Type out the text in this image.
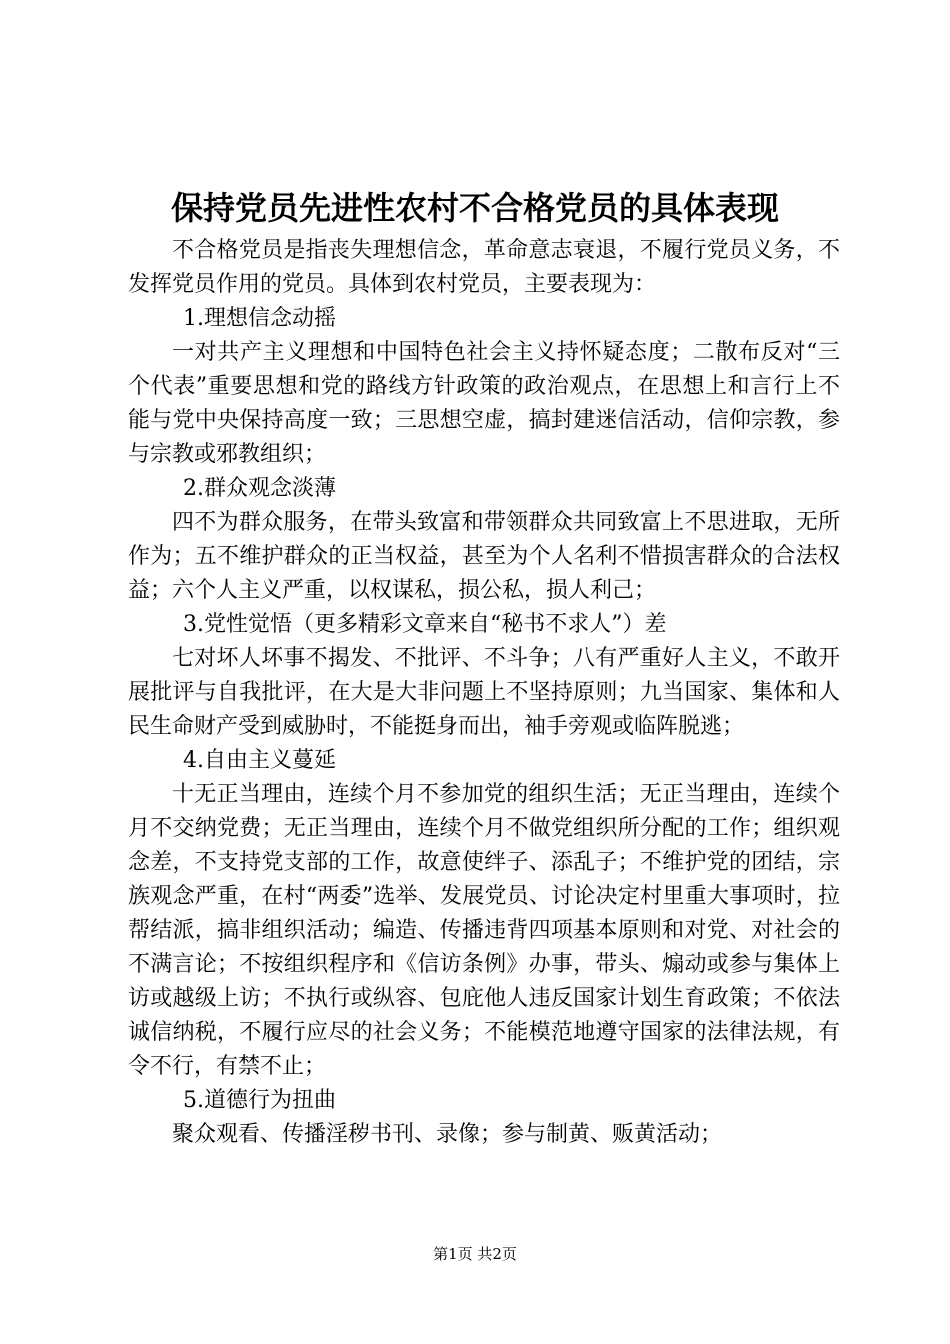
保持党员先进性农村不合格党员的具体表现

不合格党员是指丧失理想信念，革命意志衰退，不履行党员义务，不发挥党员作用的党员。具体到农村党员，主要表现为：

1.理想信念动摇

一对共产主义理想和中国特色社会主义持怀疑态度；二散布反对“三个代表”重要思想和党的路线方针政策的政治观点，在思想上和言行上不能与党中央保持高度一致；三思想空虚，搞封建迷信活动，信仰宗教，参与宗教或邪教组织；

2.群众观念淡薄

四不为群众服务，在带头致富和带领群众共同致富上不思进取，无所作为；五不维护群众的正当权益，甚至为个人名利不惜损害群众的合法权益；六个人主义严重，以权谋私，损公私，损人利己；

3.党性觉悟（更多精彩文章来自“秘书不求人”）差

七对坏人坏事不揭发、不批评、不斗争；八有严重好人主义，不敢开展批评与自我批评，在大是大非问题上不坚持原则；九当国家、集体和人民生命财产受到威胁时，不能挺身而出，袖手旁观或临阵脱逃；

4.自由主义蔓延

十无正当理由，连续个月不参加党的组织生活；无正当理由，连续个月不交纳党费；无正当理由，连续个月不做党组织所分配的工作；组织观念差，不支持党支部的工作，故意使绊子、添乱子；不维护党的团结，宗族观念严重，在村“两委”选举、发展党员、讨论决定村里重大事项时，拉帮结派，搞非组织活动；编造、传播违背四项基本原则和对党、对社会的不满言论；不按组织程序和《信访条例》办事，带头、煽动或参与集体上访或越级上访；不执行或纵容、包庇他人违反国家计划生育政策；不依法诚信纳税，不履行应尽的社会义务；不能模范地遵守国家的法律法规，有令不行，有禁不止；

5.道德行为扭曲

聚众观看、传播淫秽书刊、录像；参与制黄、贩黄活动；

第1页 共2页
